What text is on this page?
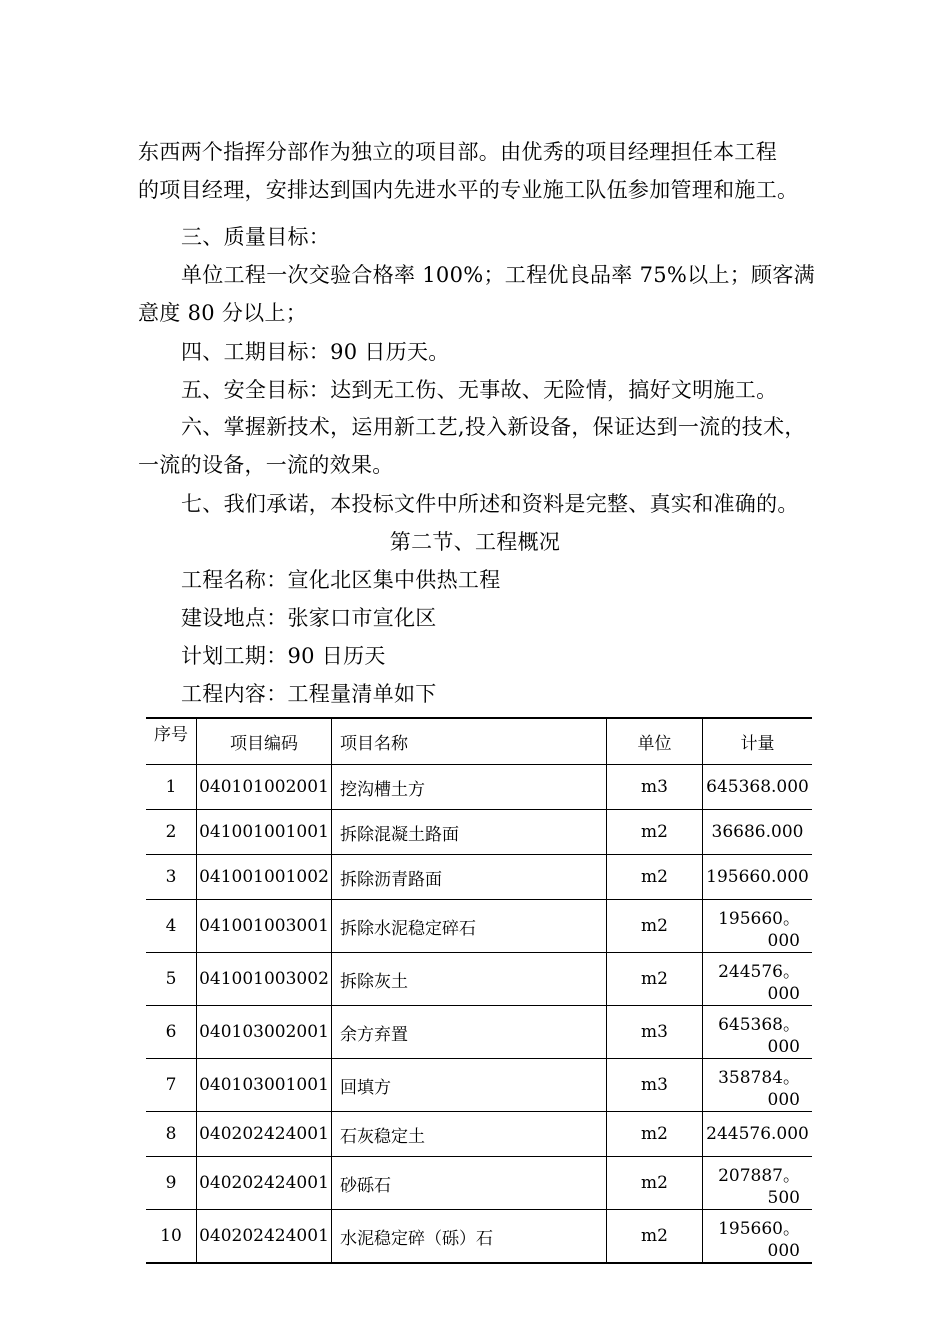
东西两个指挥分部作为独立的项目部。由优秀的项目经理担任本工程
的项目经理，安排达到国内先进水平的专业施工队伍参加管理和施工。
三、质量目标：
单位工程一次交验合格率 100%；工程优良品率 75%以上；顾客满
意度 80 分以上；
四、工期目标：90 日历天。
五、安全目标：达到无工伤、无事故、无险情，搞好文明施工。
六、掌握新技术，运用新工艺,投入新设备，保证达到一流的技术，
一流的设备，一流的效果。
七、我们承诺，本投标文件中所述和资料是完整、真实和准确的。
第二节、工程概况
工程名称：宣化北区集中供热工程
建设地点：张家口市宣化区
计划工期：90 日历天
工程内容：工程量清单如下
序号	项目编码	项目名称	单位	计量
1	040101002001	挖沟槽土方	m3	645368.000

2	041001001001	拆除混凝土路面	m2	36686.000

3	041001001002	拆除沥青路面	m2	195660.000

4	041001003001	拆除水泥稳定碎石	m2	195660。000

5	041001003002	拆除灰土	m2	244576。000

6	040103002001	余方弃置	m3	645368。000

7	040103001001	回填方	m3	358784。000

8	040202424001	石灰稳定土	m2	244576.000

9	040202424001	砂砾石	m2	207887。500

10	040202424001	水泥稳定碎（砾）石	m2	195660。000
